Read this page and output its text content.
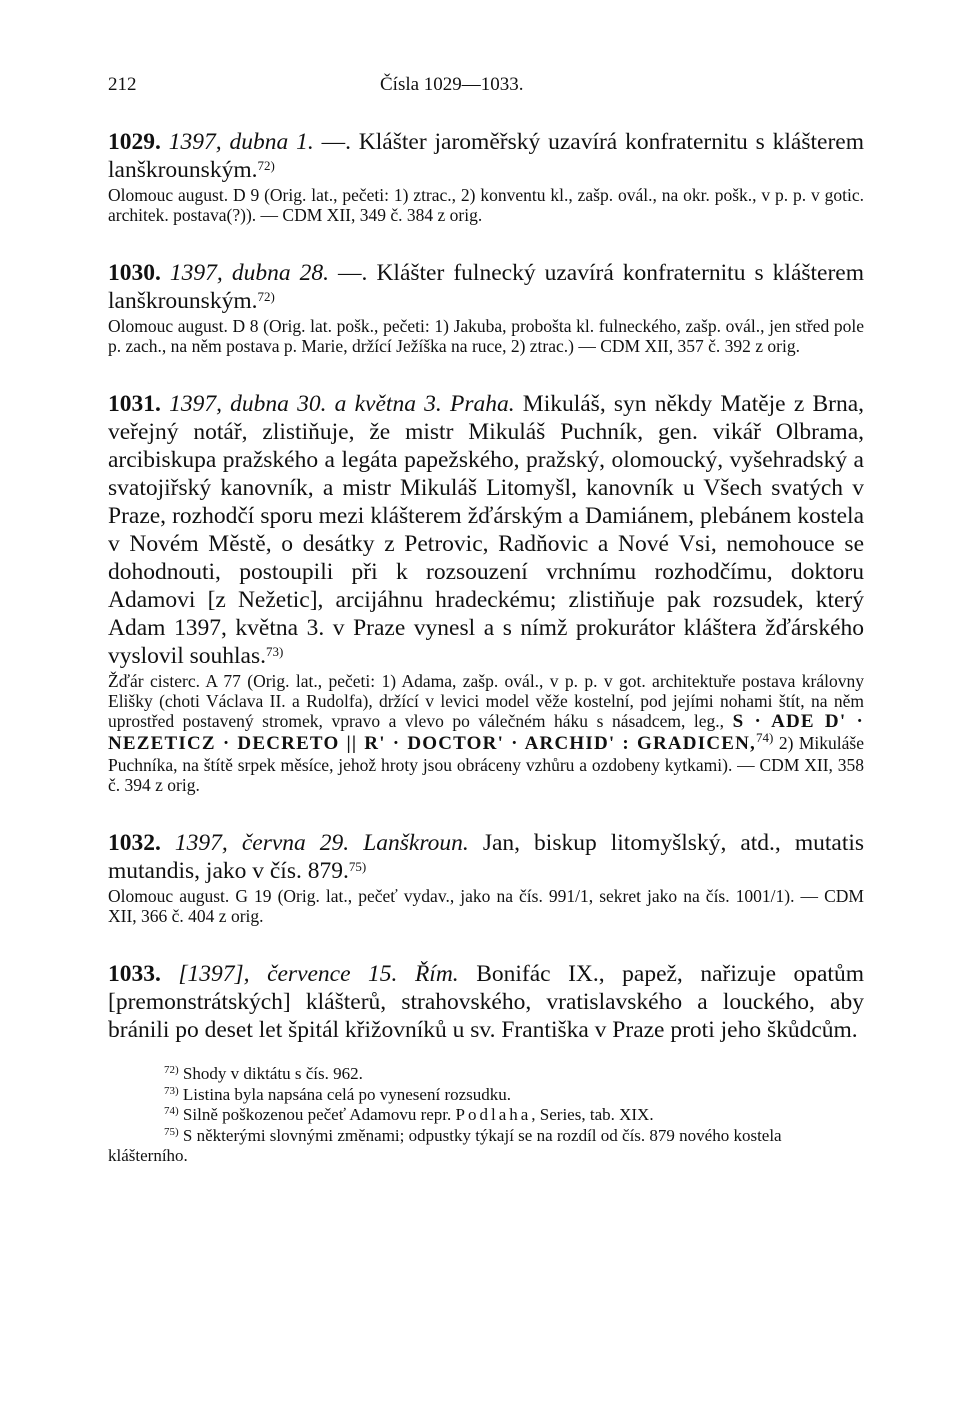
212	Čísla 1029—1033.
1029. 1397, dubna 1. —. Klášter jaroměřský uzavírá konfraternitu s klášterem lanškrounským.$^{72)}$
Olomouc august. D 9 (Orig. lat., pečeti: 1) ztrac., 2) konventu kl., zašp. ovál., na okr. pošk., v p. p. v gotic. architek. postava(?)). — CDM XII, 349 č. 384 z orig.
1030. 1397, dubna 28. —. Klášter fulnecký uzavírá konfraternitu s klášterem lanškrounským.$^{72)}$
Olomouc august. D 8 (Orig. lat. pošk., pečeti: 1) Jakuba, probošta kl. fulneckého, zašp. ovál., jen střed pole p. zach., na něm postava p. Marie, držící Ježíška na ruce, 2) ztrac.) — CDM XII, 357 č. 392 z orig.
1031. 1397, dubna 30. a května 3. Praha. Mikuláš, syn někdy Matěje z Brna, veřejný notář, zlistiňuje, že mistr Mikuláš Puchník, gen. vikář Olbrama, arcibiskupa pražského a legáta papežského, pražský, olomoucký, vyšehradský a svatojiřský kanovník, a mistr Mikuláš Litomyšl, kanovník u Všech svatých v Praze, rozhodčí sporu mezi klášterem žďárským a Damiánem, plebánem kostela v Novém Městě, o desátky z Petrovic, Radňovic a Nové Vsi, nemohouce se dohodnouti, postoupili při k rozsouzení vrchnímu rozhodčímu, doktoru Adamovi [z Nežetic], arcijáhnu hradeckému; zlistiňuje pak rozsudek, který Adam 1397, května 3. v Praze vynesl a s nímž prokurátor kláštera žďárského vyslovil souhlas.$^{73)}$
Žďár cisterc. A 77 (Orig. lat., pečeti: 1) Adama, zašp. ovál., v p. p. v got. architektuře postava královny Elišky (choti Václava II. a Rudolfa), držící v levici model věže kostelní, pod jejími nohami štít, na něm uprostřed postavený stromek, vpravo a vlevo po válečném háku s násadcem, leg., S · ADE D' · NEZETICZ · DECRETO || R' · DOCTOR' · ARCHID' : GRADICEN,$^{74)}$ 2) Mikuláše Puchníka, na štítě srpek měsíce, jehož hroty jsou obráceny vzhůru a ozdobeny kytkami). — CDM XII, 358 č. 394 z orig.
1032. 1397, června 29. Lanškroun. Jan, biskup litomyšlský, atd., mutatis mutandis, jako v čís. 879.$^{75)}$
Olomouc august. G 19 (Orig. lat., pečeť vydav., jako na čís. 991/1, sekret jako na čís. 1001/1). — CDM XII, 366 č. 404 z orig.
1033. [1397], července 15. Řím. Bonifác IX., papež, nařizuje opatům [premonstrátských] klášterů, strahovského, vratislavského a louckého, aby bránili po deset let špitál křižovníků u sv. Františka v Praze proti jeho škůdcům.
$^{72)}$ Shody v diktátu s čís. 962.
$^{73)}$ Listina byla napsána celá po vynesení rozsudku.
$^{74)}$ Silně poškozenou pečeť Adamovu repr. Podlaha, Series, tab. XIX.
$^{75)}$ S některými slovnými změnami; odpustky týkají se na rozdíl od čís. 879 nového kostela klášterního.
